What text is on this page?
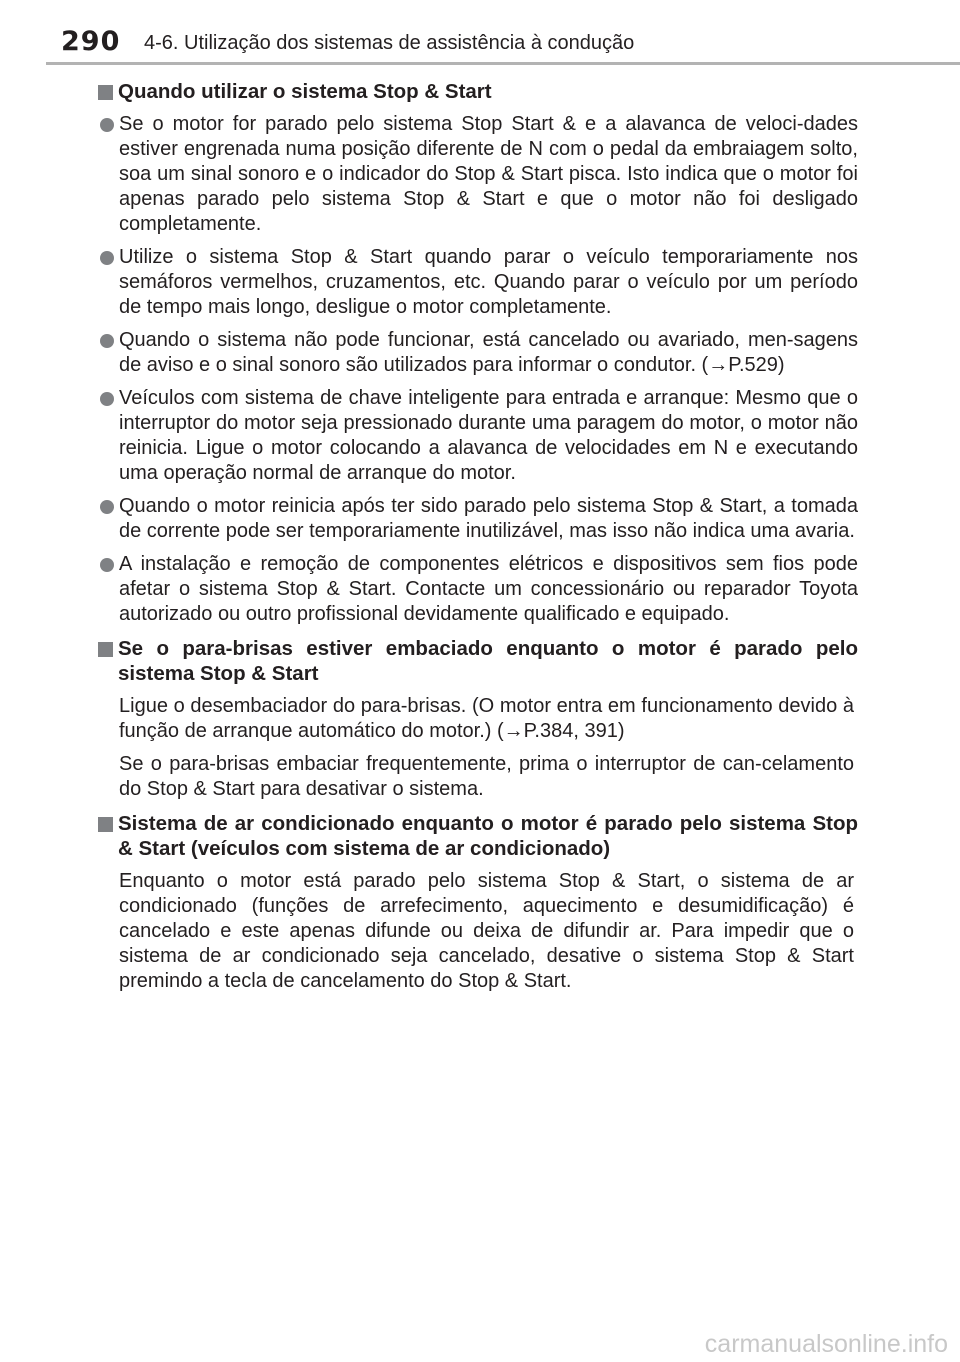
290 4-6. Utilização dos sistemas de assistência à condução
Quando utilizar o sistema Stop & Start
Se o motor for parado pelo sistema Stop Start & e a alavanca de veloci-dades estiver engrenada numa posição diferente de N com o pedal da embraiagem solto, soa um sinal sonoro e o indicador do Stop & Start pisca. Isto indica que o motor foi apenas parado pelo sistema Stop & Start e que o motor não foi desligado completamente.
Utilize o sistema Stop & Start quando parar o veículo temporariamente nos semáforos vermelhos, cruzamentos, etc. Quando parar o veículo por um período de tempo mais longo, desligue o motor completamente.
Quando o sistema não pode funcionar, está cancelado ou avariado, men-sagens de aviso e o sinal sonoro são utilizados para informar o condutor. (→P.529)
Veículos com sistema de chave inteligente para entrada e arranque: Mesmo que o interruptor do motor seja pressionado durante uma paragem do motor, o motor não reinicia. Ligue o motor colocando a alavanca de velocidades em N e executando uma operação normal de arranque do motor.
Quando o motor reinicia após ter sido parado pelo sistema Stop & Start, a tomada de corrente pode ser temporariamente inutilizável, mas isso não indica uma avaria.
A instalação e remoção de componentes elétricos e dispositivos sem fios pode afetar o sistema Stop & Start. Contacte um concessionário ou reparador Toyota autorizado ou outro profissional devidamente qualificado e equipado.
Se o para-brisas estiver embaciado enquanto o motor é parado pelo sistema Stop & Start
Ligue o desembaciador do para-brisas. (O motor entra em funcionamento devido à função de arranque automático do motor.) (→P.384, 391)
Se o para-brisas embaciar frequentemente, prima o interruptor de can-celamento do Stop & Start para desativar o sistema.
Sistema de ar condicionado enquanto o motor é parado pelo sistema Stop & Start (veículos com sistema de ar condicionado)
Enquanto o motor está parado pelo sistema Stop & Start, o sistema de ar condicionado (funções de arrefecimento, aquecimento e desumidificação) é cancelado e este apenas difunde ou deixa de difundir ar. Para impedir que o sistema de ar condicionado seja cancelado, desative o sistema Stop & Start premindo a tecla de cancelamento do Stop & Start.
carmanualsonline.info
